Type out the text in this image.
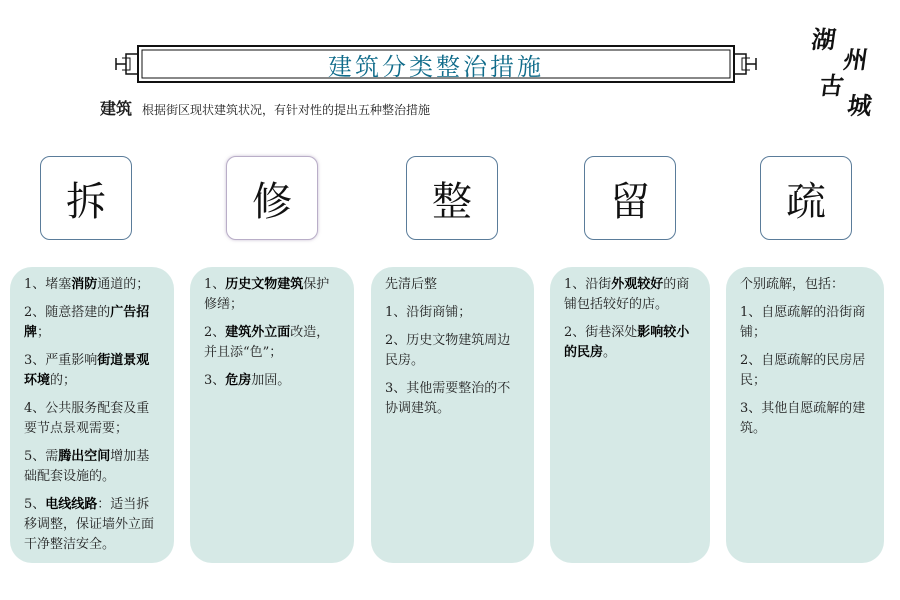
建筑分类整治措施
湖
州
古
城
建筑 根据街区现状建筑状况，有针对性的提出五种整治措施
拆	修	整	留	疏

1、堵塞消防通道的；

2、随意搭建的广告招牌；

3、严重影响街道景观环境的；

4、公共服务配套及重要节点景观需要；

5、需腾出空间增加基础配套设施的。

5、电线线路：适当拆移调整，保证墙外立面干净整洁安全。

1、历史文物建筑保护修缮；

2、建筑外立面改造，并且添“色”；

3、危房加固。

先清后整

1、沿街商铺；

2、历史文物建筑周边 民房。

3、其他需要整治的不协调建筑。

1、沿街外观较好的商铺包括较好的店。

2、街巷深处影响较小的民房。

个别疏解，包括：

1、自愿疏解的沿街商铺；

2、自愿疏解的民房居民；

3、其他自愿疏解的建筑。
